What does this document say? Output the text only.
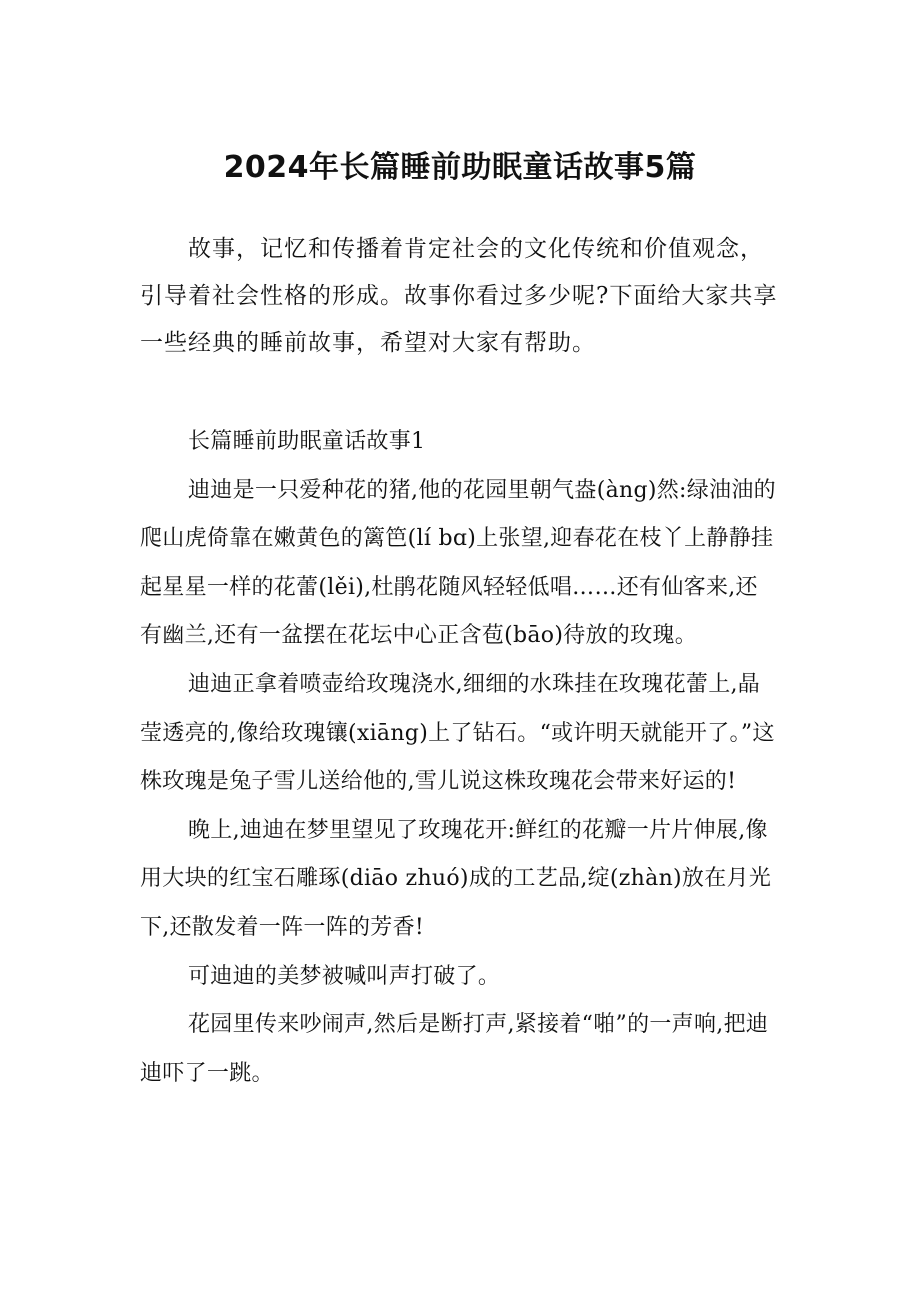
2024年长篇睡前助眠童话故事5篇

故事，记忆和传播着肯定社会的文化传统和价值观念，引导着社会性格的形成。故事你看过多少呢?下面给大家共享一些经典的睡前故事，希望对大家有帮助。

长篇睡前助眠童话故事1

迪迪是一只爱种花的猪,他的花园里朝气盎(àng)然:绿油油的爬山虎倚靠在嫩黄色的篱笆(lí bɑ)上张望,迎春花在枝丫上静静挂起星星一样的花蕾(lěi),杜鹃花随风轻轻低唱……还有仙客来,还有幽兰,还有一盆摆在花坛中心正含苞(bāo)待放的玫瑰。

迪迪正拿着喷壶给玫瑰浇水,细细的水珠挂在玫瑰花蕾上,晶莹透亮的,像给玫瑰镶(xiāng)上了钻石。“或许明天就能开了。”这株玫瑰是兔子雪儿送给他的,雪儿说这株玫瑰花会带来好运的!

晚上,迪迪在梦里望见了玫瑰花开:鲜红的花瓣一片片伸展,像用大块的红宝石雕琢(diāo zhuó)成的工艺品,绽(zhàn)放在月光下,还散发着一阵一阵的芳香!

可迪迪的美梦被喊叫声打破了。

花园里传来吵闹声,然后是断打声,紧接着“啪”的一声响,把迪迪吓了一跳。
